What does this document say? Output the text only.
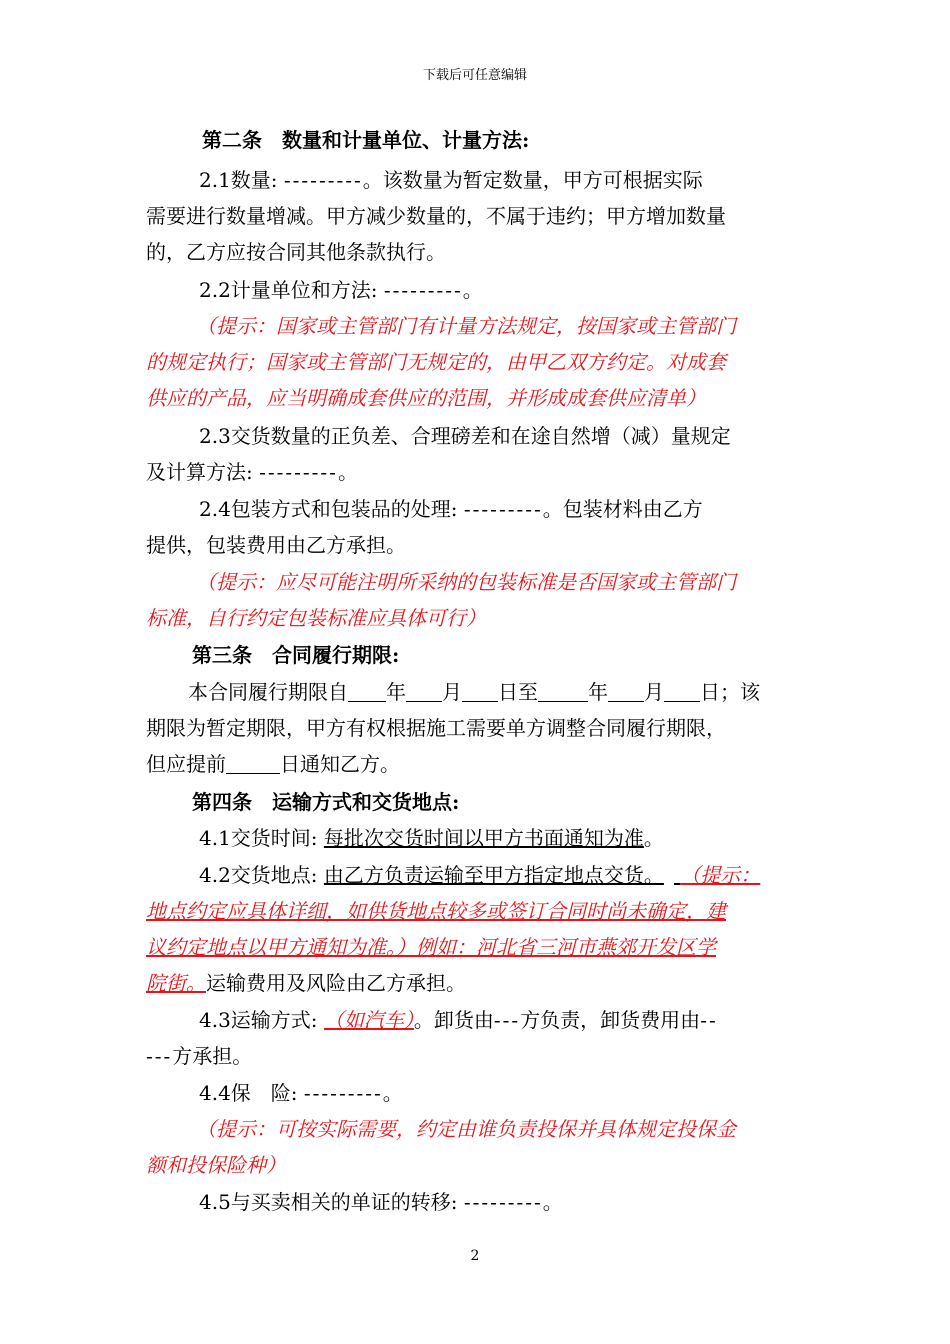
下载后可任意编辑
第二条　数量和计量单位、计量方法:
2.1数量: ---------。该数量为暂定数量，甲方可根据实际
需要进行数量增减。甲方减少数量的，不属于违约；甲方增加数量
的，乙方应按合同其他条款执行。
2.2计量单位和方法: ---------。
（提示：国家或主管部门有计量方法规定，按国家或主管部门
的规定执行；国家或主管部门无规定的，由甲乙双方约定。对成套
供应的产品，应当明确成套供应的范围，并形成成套供应清单）
2.3交货数量的正负差、合理磅差和在途自然增（减）量规定
及计算方法: ---------。
2.4包装方式和包装品的处理: ---------。包装材料由乙方
提供，包装费用由乙方承担。
（提示：应尽可能注明所采纳的包装标准是否国家或主管部门
标准，自行约定包装标准应具体可行）
第三条　合同履行期限:
本合同履行期限自 年 月 日至	年 月 日；该
期限为暂定期限，甲方有权根据施工需要单方调整合同履行期限，
但应提前	日通知乙方。
第四条　运输方式和交货地点:
4.1交货时间: 每批次交货时间以甲方书面通知为准。
4.2交货地点: 由乙方负责运输至甲方指定地点交货。 （提示：
地点约定应具体详细，如供货地点较多或签订合同时尚未确定，建
议约定地点以甲方通知为准。）例如：河北省三河市燕郊开发区学
院街。运输费用及风险由乙方承担。
4.3运输方式: （如汽车）。卸货由---方负责，卸货费用由--
---方承担。
4.4保　险: ---------。
（提示：可按实际需要，约定由谁负责投保并具体规定投保金
额和投保险种）
4.5与买卖相关的单证的转移: ---------。
2
